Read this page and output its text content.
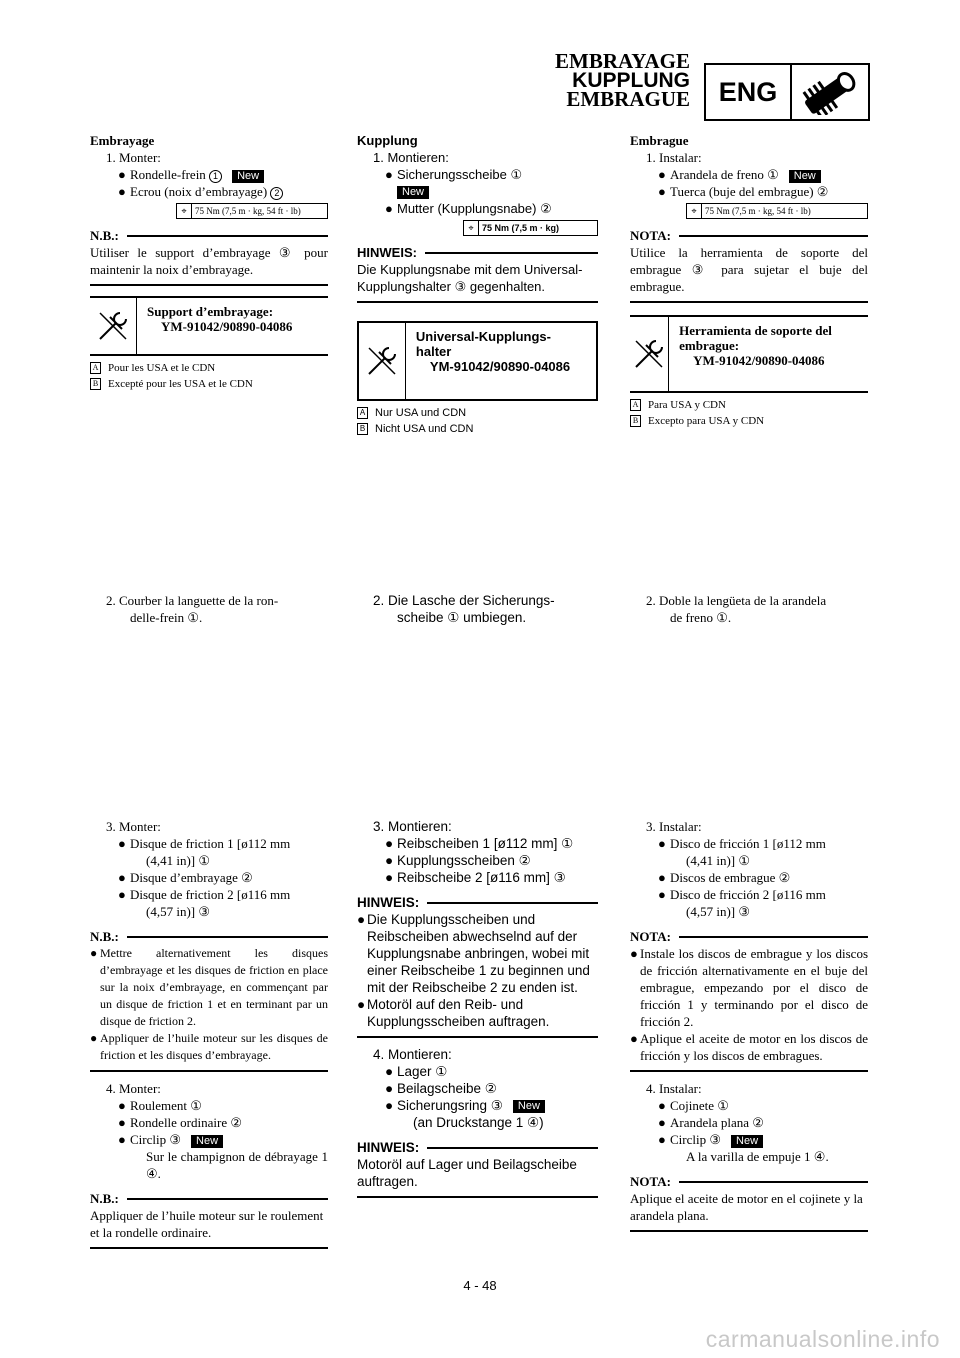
EMBRAYAGE
KUPPLUNG
EMBRAGUE	ENG
Embrayage
1. Monter:
● Rondelle-frein 1 New
● Ecrou (noix d’embrayage) 2
⌖ 75 Nm (7,5 m · kg, 54 ft · lb)
N.B.:
Utiliser le support d’embrayage ③ pour maintenir la noix d’embrayage.
Support d’embrayage:
YM-91042/90890-04086
A Pour les USA et le CDN
B Excepté pour les USA et le CDN
2. Courber la languette de la ron-
delle-frein ①.
3. Monter:
● Disque de friction 1 [ø112 mm
(4,41 in)] ①
● Disque d’embrayage ②
● Disque de friction 2 [ø116 mm
(4,57 in)] ③
N.B.:
● Mettre alternativement les disques d’embrayage et les disques de friction en place sur la noix d’embrayage, en commençant par un disque de friction 1 et en terminant par un disque de friction 2.
● Appliquer de l’huile moteur sur les disques de friction et les disques d’embrayage.
4. Monter:
● Roulement ①
● Rondelle ordinaire ②
● Circlip ③ New
Sur le champignon de débrayage 1 ④.
N.B.:
Appliquer de l’huile moteur sur le roulement et la rondelle ordinaire.
Kupplung
1. Montieren:
● Sicherungsscheibe ①
New
● Mutter (Kupplungsnabe) ②
⌖ 75 Nm (7,5 m · kg)
HINWEIS:
Die Kupplungsnabe mit dem Universal-Kupplungshalter ③ gegenhalten.
Universal-Kupplungs-halter
YM-91042/90890-04086
A Nur USA und CDN
B Nicht USA und CDN
2. Die Lasche der Sicherungs-
scheibe ① umbiegen.
3. Montieren:
● Reibscheiben 1 [ø112 mm] ①
● Kupplungsscheiben ②
● Reibscheibe 2 [ø116 mm] ③
HINWEIS:
● Die Kupplungsscheiben und Reibscheiben abwechselnd auf der Kupplungsnabe anbringen, wobei mit einer Reibscheibe 1 zu beginnen und mit der Reibscheibe 2 zu enden ist.
● Motoröl auf den Reib- und Kupplungsscheiben auftragen.
4. Montieren:
● Lager ①
● Beilagscheibe ②
● Sicherungsring ③ New
(an Druckstange 1 ④)
HINWEIS:
Motoröl auf Lager und Beilagscheibe auftragen.
Embrague
1. Instalar:
● Arandela de freno ① New
● Tuerca (buje del embrague) ②
⌖ 75 Nm (7,5 m · kg, 54 ft · lb)
NOTA:
Utilice la herramienta de soporte del embrague ③ para sujetar el buje del embrague.
Herramienta de soporte del embrague:
YM-91042/90890-04086
A Para USA y CDN
B Excepto para USA y CDN
2. Doble la lengüeta de la arandela
de freno ①.
3. Instalar:
● Disco de fricción 1 [ø112 mm
(4,41 in)] ①
● Discos de embrague ②
● Disco de fricción 2 [ø116 mm
(4,57 in)] ③
NOTA:
● Instale los discos de embrague y los discos de fricción alternativamente en el buje del embrague, empezando por el disco de fricción 1 y terminando por el disco de fricción 2.
● Aplique el aceite de motor en los discos de fricción y los discos de embragues.
4. Instalar:
● Cojinete ①
● Arandela plana ②
● Circlip ③ New
A la varilla de empuje 1 ④.
NOTA:
Aplique el aceite de motor en el cojinete y la arandela plana.
4 - 48
carmanualsonline.info
